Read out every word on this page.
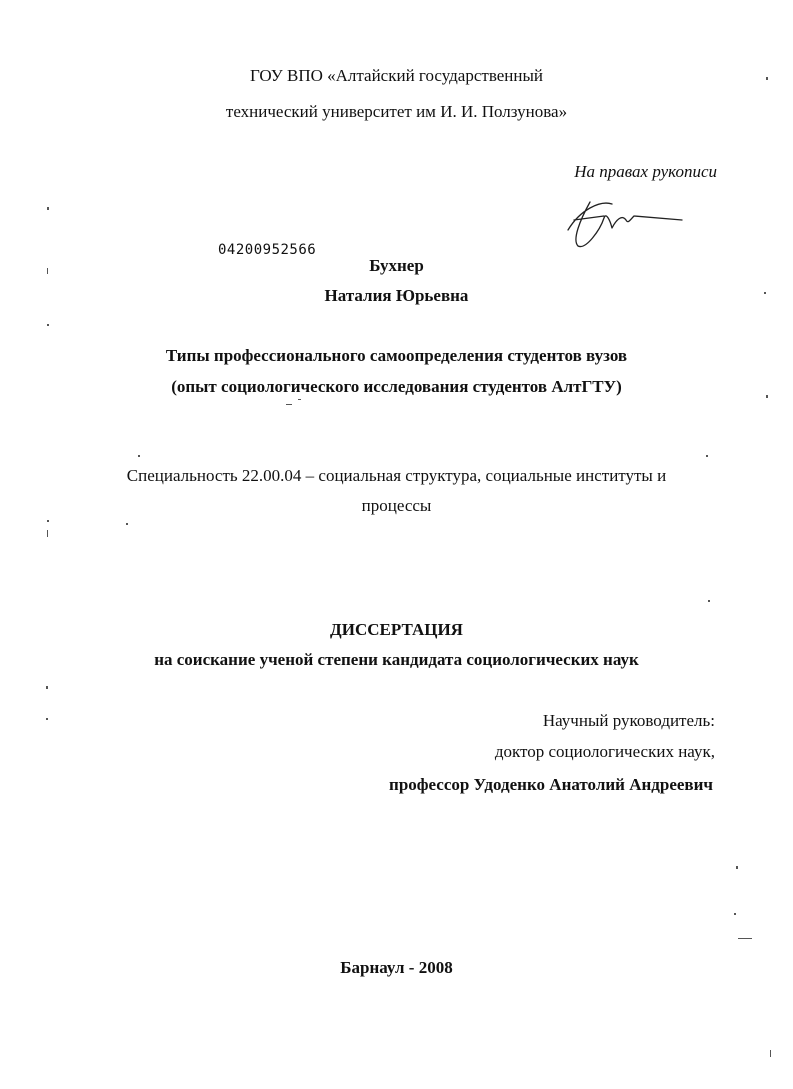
ГОУ ВПО «Алтайский государственный
технический университет им И. И. Ползунова»
На правах рукописи
04200952566
Бухнер
Наталия Юрьевна
Типы профессионального самоопределения студентов вузов
(опыт социологического исследования студентов АлтГТУ)
Специальность 22.00.04 – социальная структура, социальные институты и
процессы
ДИССЕРТАЦИЯ
на соискание ученой степени кандидата социологических наук
Научный руководитель:
доктор социологических наук,
профессор Удоденко Анатолий Андреевич
Барнаул - 2008
